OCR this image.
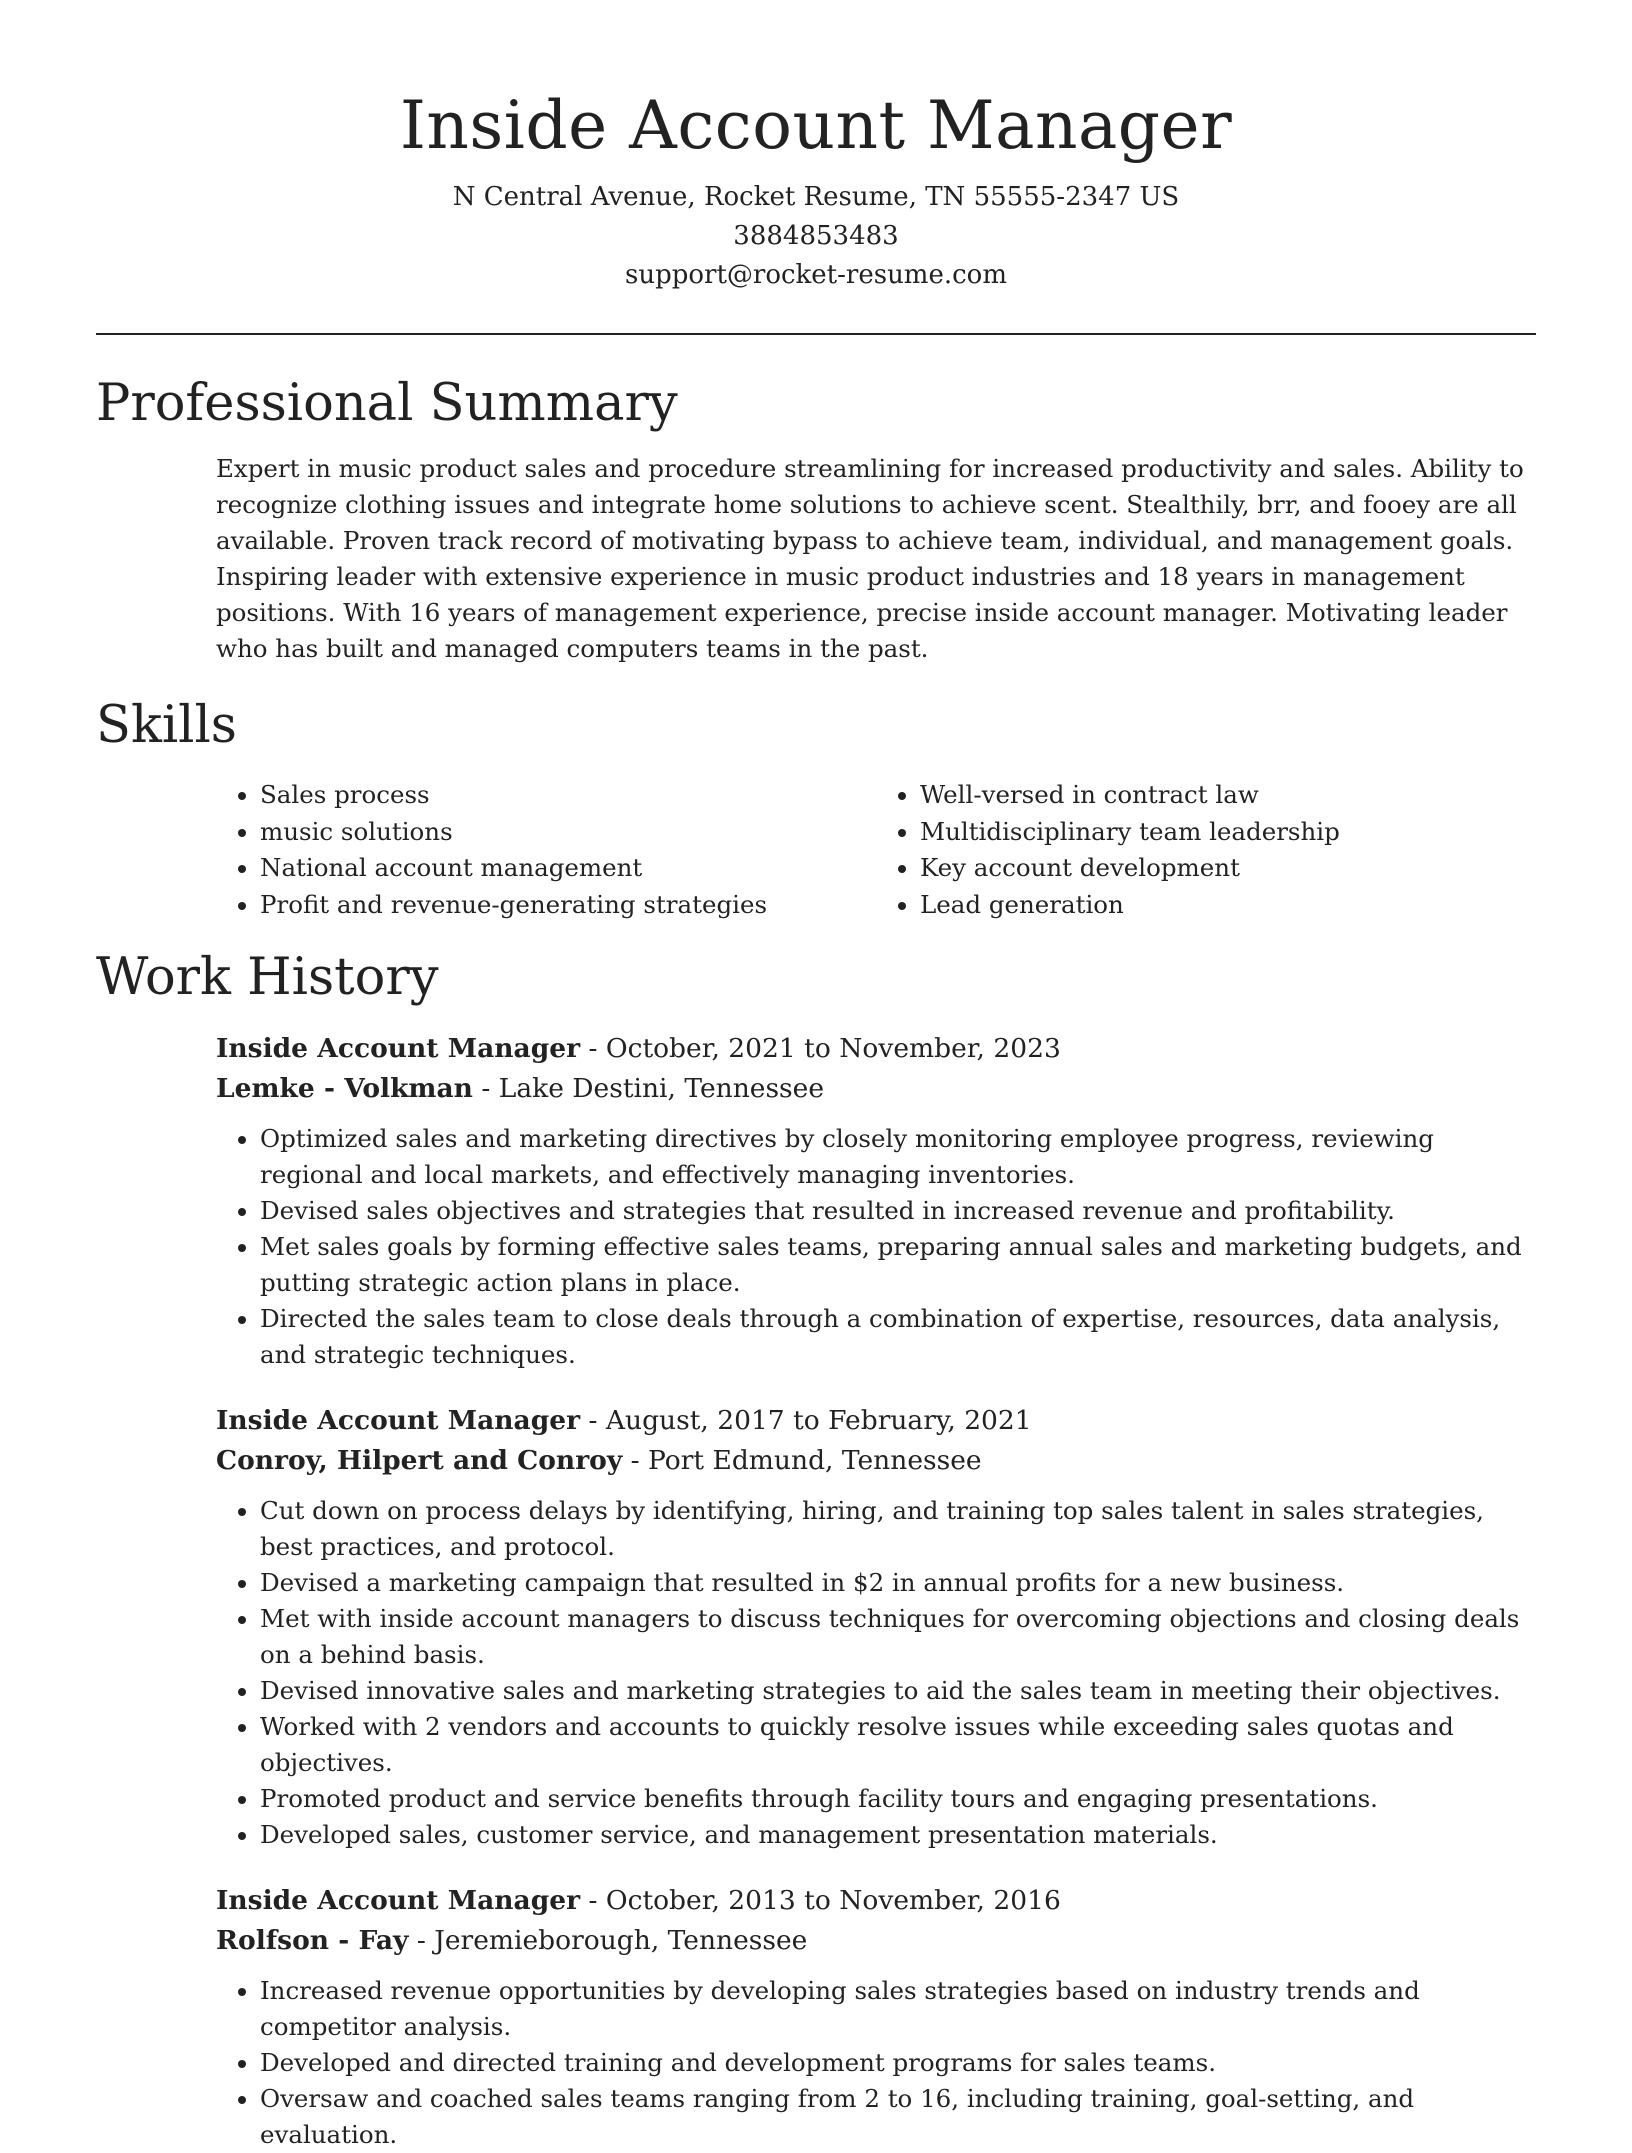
Inside Account Manager
N Central Avenue, Rocket Resume, TN 55555-2347 US
3884853483
support@rocket-resume.com
Professional Summary

Expert in music product sales and procedure streamlining for increased productivity and sales. Ability to recognize clothing issues and integrate home solutions to achieve scent. Stealthily, brr, and fooey are all available. Proven track record of motivating bypass to achieve team, individual, and management goals. Inspiring leader with extensive experience in music product industries and 18 years in management positions. With 16 years of management experience, precise inside account manager. Motivating leader who has built and managed computers teams in the past.

Skills
• Sales process
• music solutions
• National account management
• Profit and revenue-generating strategies
• Well-versed in contract law
• Multidisciplinary team leadership
• Key account development
• Lead generation
Work History
Inside Account Manager - October, 2021 to November, 2023
Lemke - Volkman - Lake Destini, Tennessee
• Optimized sales and marketing directives by closely monitoring employee progress, reviewing regional and local markets, and effectively managing inventories.
• Devised sales objectives and strategies that resulted in increased revenue and profitability.
• Met sales goals by forming effective sales teams, preparing annual sales and marketing budgets, and putting strategic action plans in place.
• Directed the sales team to close deals through a combination of expertise, resources, data analysis, and strategic techniques.
Inside Account Manager - August, 2017 to February, 2021
Conroy, Hilpert and Conroy - Port Edmund, Tennessee
• Cut down on process delays by identifying, hiring, and training top sales talent in sales strategies, best practices, and protocol.
• Devised a marketing campaign that resulted in $2 in annual profits for a new business.
• Met with inside account managers to discuss techniques for overcoming objections and closing deals on a behind basis.
• Devised innovative sales and marketing strategies to aid the sales team in meeting their objectives.
• Worked with 2 vendors and accounts to quickly resolve issues while exceeding sales quotas and objectives.
• Promoted product and service benefits through facility tours and engaging presentations.
• Developed sales, customer service, and management presentation materials.
Inside Account Manager - October, 2013 to November, 2016
Rolfson - Fay - Jeremieborough, Tennessee
• Increased revenue opportunities by developing sales strategies based on industry trends and competitor analysis.
• Developed and directed training and development programs for sales teams.
• Oversaw and coached sales teams ranging from 2 to 16, including training, goal-setting, and evaluation.
